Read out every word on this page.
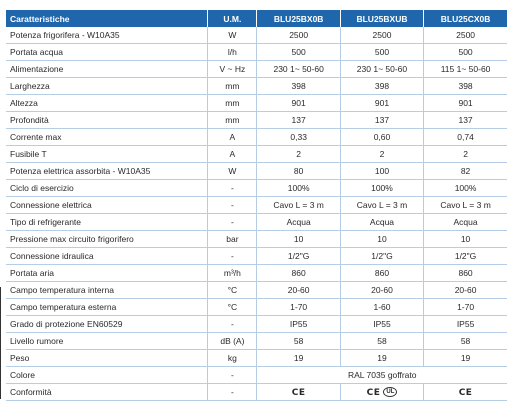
Caratteristiche	U.M.	BLU25BX0B	BLU25BXUB	BLU25CX0B
Potenza frigorifera - W10A35	W	2500	2500	2500
Portata acqua	l/h	500	500	500
Alimentazione	V ~ Hz	230 1~ 50-60	230 1~ 50-60	115 1~ 50-60
Larghezza	mm	398	398	398
Altezza	mm	901	901	901
Profondità	mm	137	137	137
Corrente max	A	0,33	0,60	0,74
Fusibile T	A	2	2	2
Potenza elettrica assorbita - W10A35	W	80	100	82
Ciclo di esercizio	-	100%	100%	100%
Connessione elettrica	-	Cavo L = 3 m	Cavo L = 3 m	Cavo L = 3 m
Tipo di refrigerante	-	Acqua	Acqua	Acqua
Pressione max circuito frigorifero	bar	10	10	10
Connessione idraulica	-	1/2"G	1/2"G	1/2"G
Portata aria	m³/h	860	860	860
Campo temperatura interna	°C	20-60	20-60	20-60
Campo temperatura esterna	°C	1-70	1-60	1-70
Grado di protezione EN60529	-	IP55	IP55	IP55
Livello rumore	dB (A)	58	58	58
Peso	kg	19	19	19
Colore	-	RAL 7035 goffrato		
Conformità	-	CE	CE UL	CE
